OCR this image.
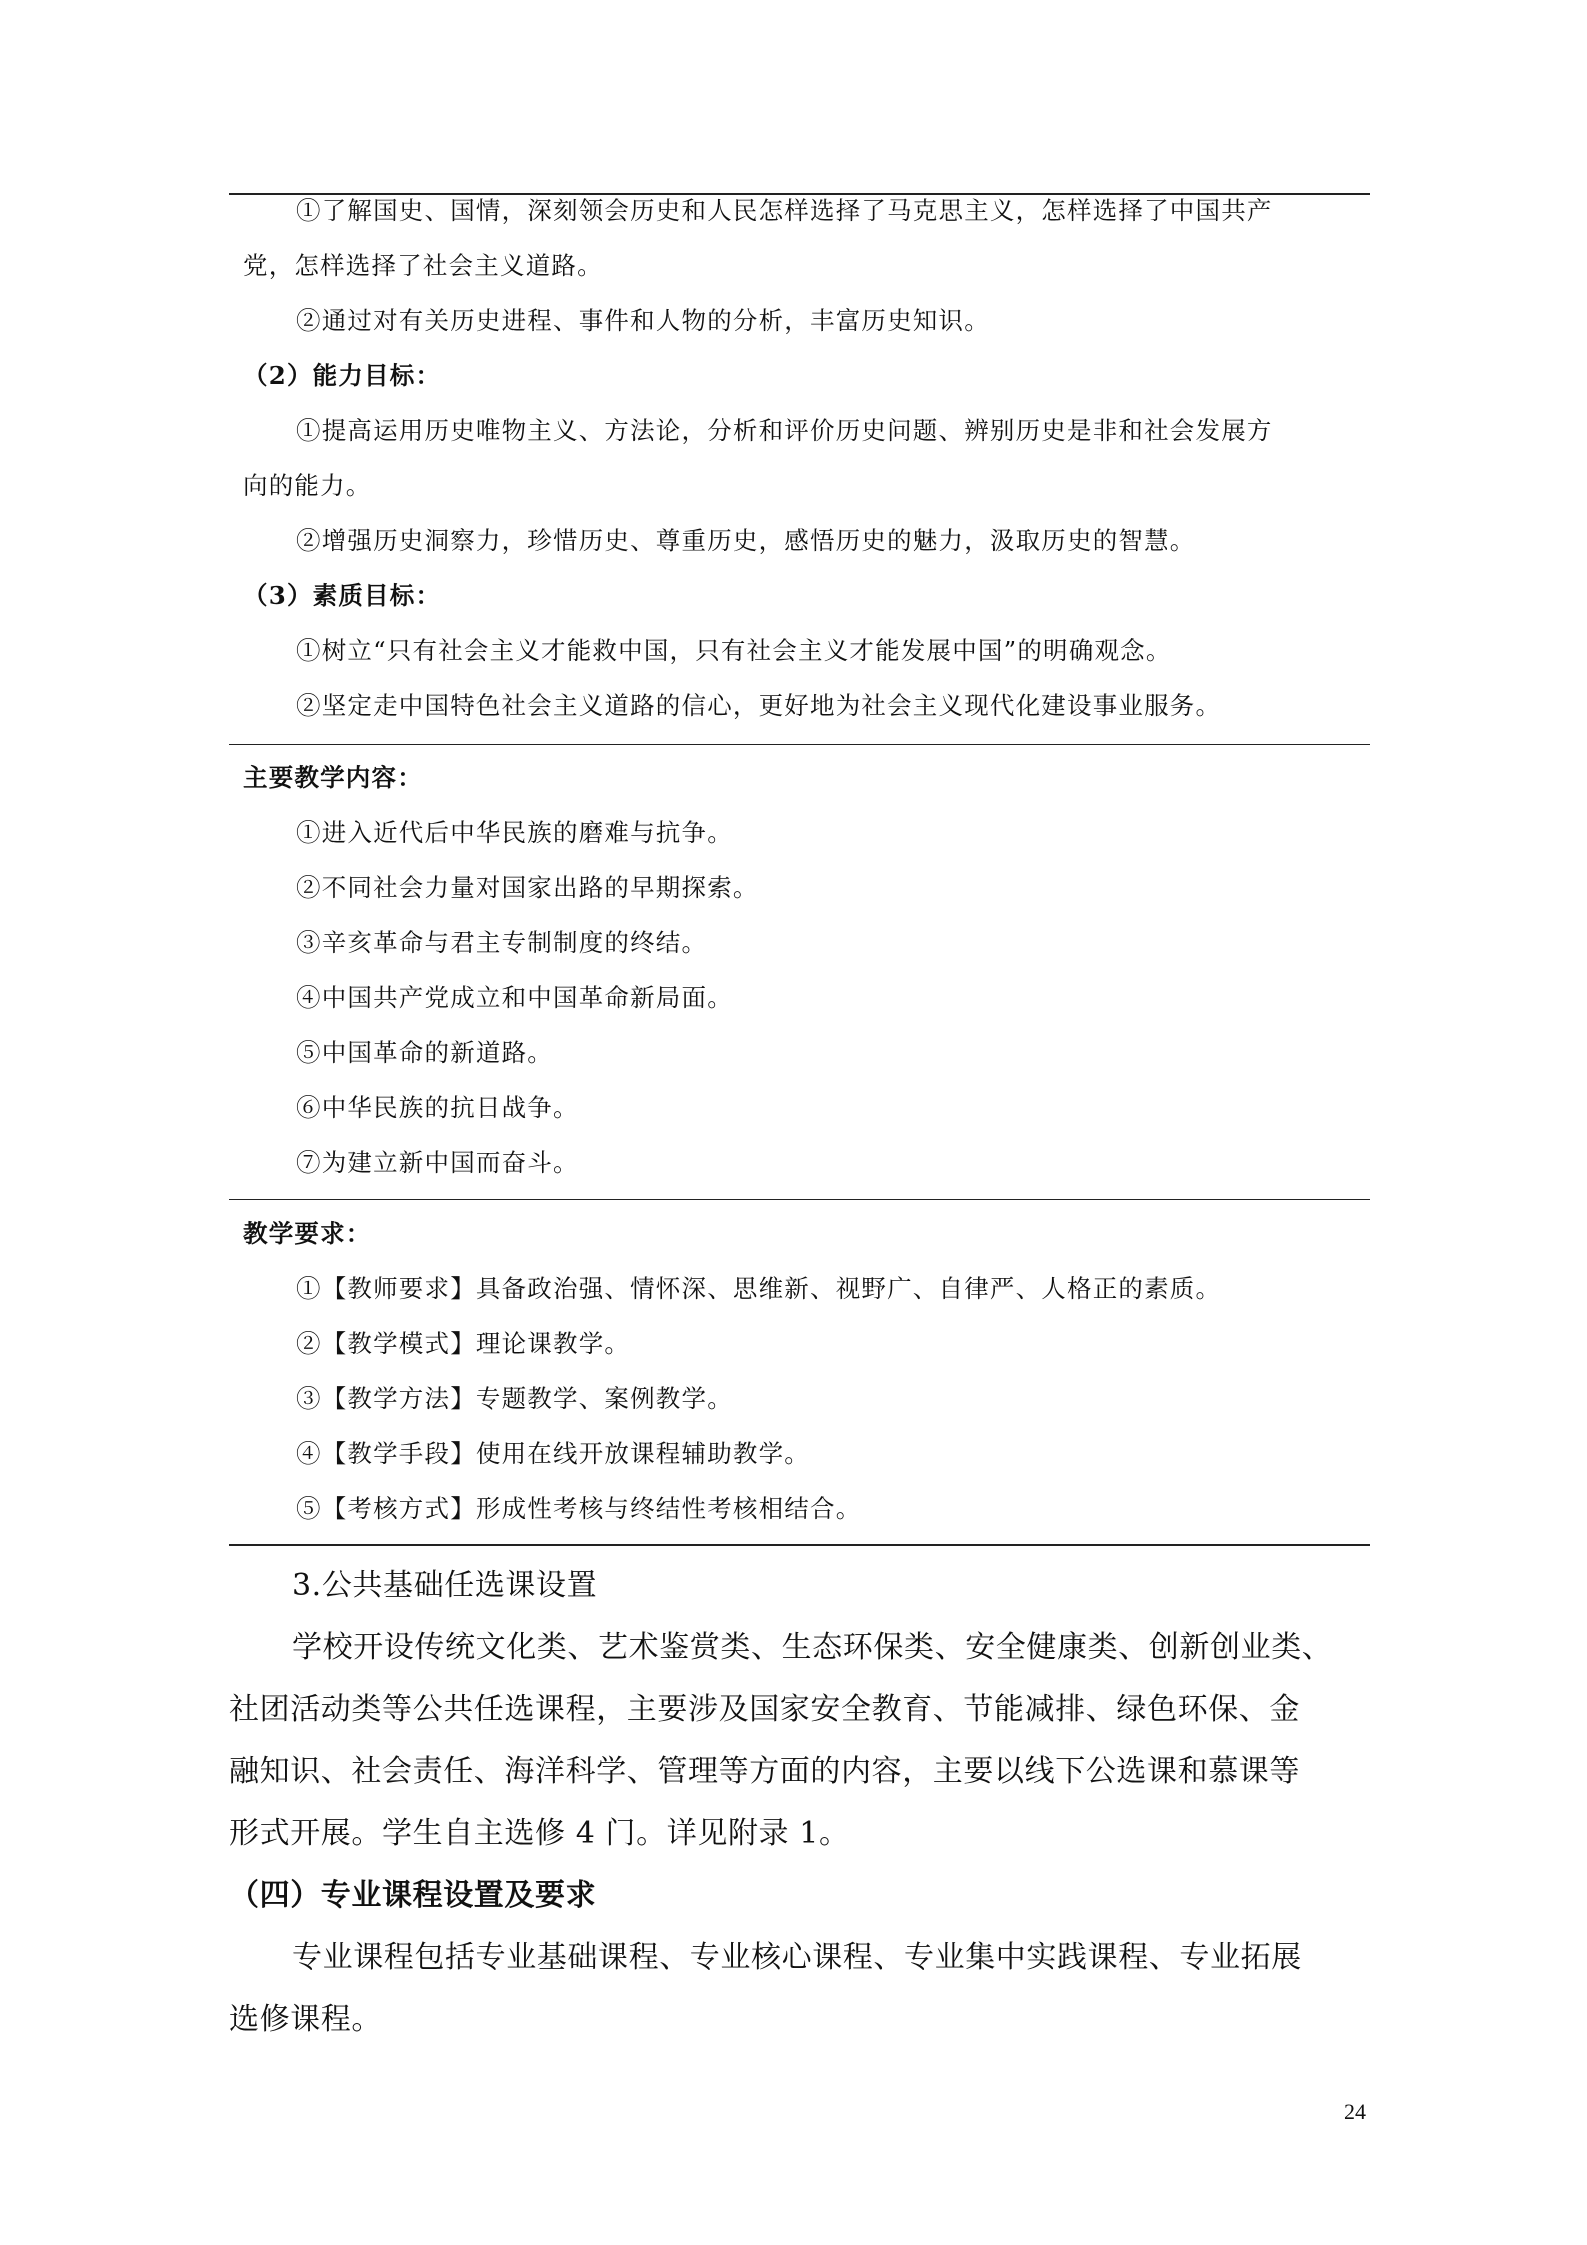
①了解国史、国情，深刻领会历史和人民怎样选择了马克思主义，怎样选择了中国共产
党，怎样选择了社会主义道路。
②通过对有关历史进程、事件和人物的分析，丰富历史知识。
（2）能力目标：
①提高运用历史唯物主义、方法论，分析和评价历史问题、辨别历史是非和社会发展方
向的能力。
②增强历史洞察力，珍惜历史、尊重历史，感悟历史的魅力，汲取历史的智慧。
（3）素质目标：
①树立“只有社会主义才能救中国，只有社会主义才能发展中国”的明确观念。
②坚定走中国特色社会主义道路的信心，更好地为社会主义现代化建设事业服务。
主要教学内容：
①进入近代后中华民族的磨难与抗争。
②不同社会力量对国家出路的早期探索。
③辛亥革命与君主专制制度的终结。
④中国共产党成立和中国革命新局面。
⑤中国革命的新道路。
⑥中华民族的抗日战争。
⑦为建立新中国而奋斗。
教学要求：
①【教师要求】具备政治强、情怀深、思维新、视野广、自律严、人格正的素质。
②【教学模式】理论课教学。
③【教学方法】专题教学、案例教学。
④【教学手段】使用在线开放课程辅助教学。
⑤【考核方式】形成性考核与终结性考核相结合。
3.公共基础任选课设置
学校开设传统文化类、艺术鉴赏类、生态环保类、安全健康类、创新创业类、
社团活动类等公共任选课程，主要涉及国家安全教育、节能减排、绿色环保、金
融知识、社会责任、海洋科学、管理等方面的内容，主要以线下公选课和慕课等
形式开展。学生自主选修 4 门。详见附录 1。
（四）专业课程设置及要求
专业课程包括专业基础课程、专业核心课程、专业集中实践课程、专业拓展
选修课程。
24
